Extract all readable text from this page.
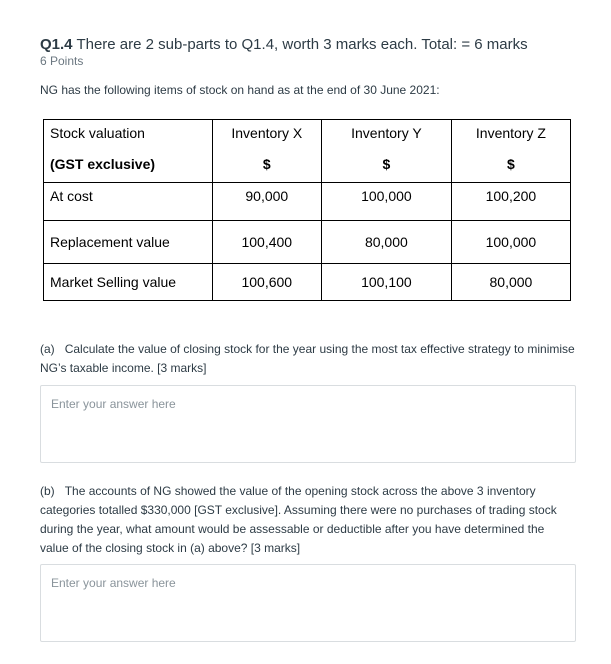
Q1.4 There are 2 sub-parts to Q1.4, worth 3 marks each. Total: = 6 marks
6 Points
NG has the following items of stock on hand as at the end of 30 June 2021:
Stock valuation	Inventory X	Inventory Y	Inventory Z
(GST exclusive)	$	$	$
At cost	90,000	100,000	100,200
Replacement value	100,400	80,000	100,000
Market Selling value	100,600	100,100	80,000
(a) Calculate the value of closing stock for the year using the most tax effective strategy to minimise NG’s taxable income. [3 marks]
Enter your answer here
(b) The accounts of NG showed the value of the opening stock across the above 3 inventory categories totalled $330,000 [GST exclusive]. Assuming there were no purchases of trading stock during the year, what amount would be assessable or deductible after you have determined the value of the closing stock in (a) above? [3 marks]
Enter your answer here
